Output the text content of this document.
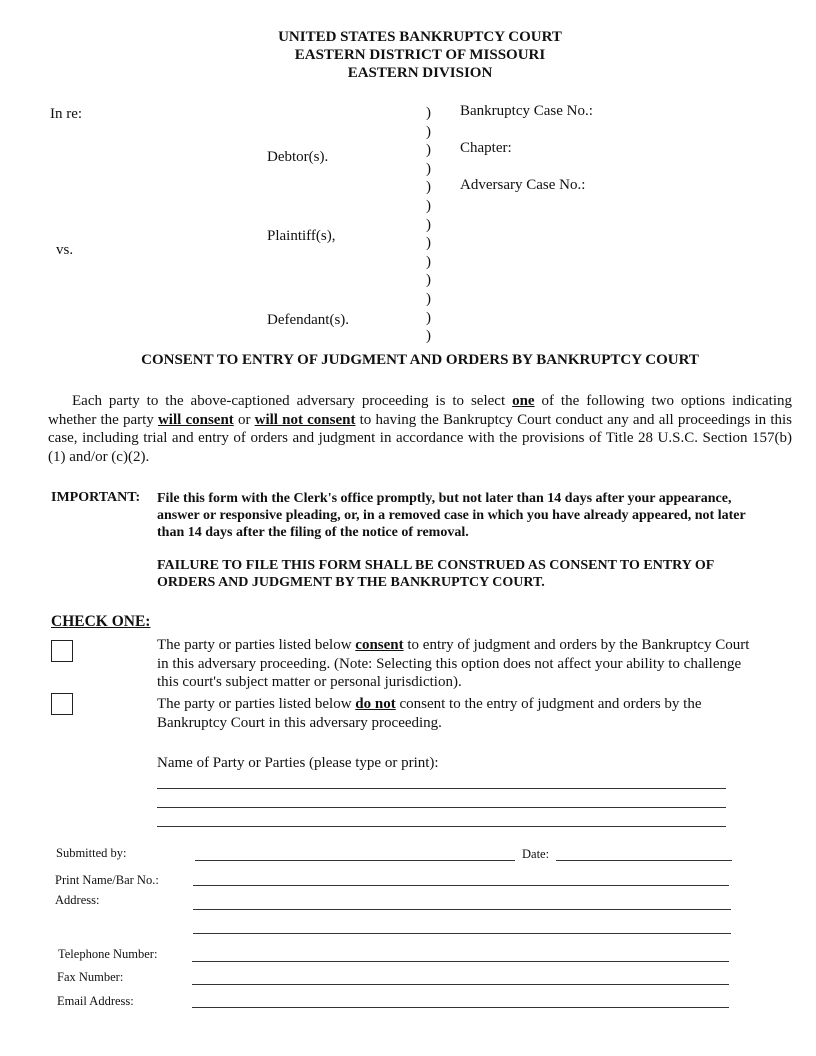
UNITED STATES BANKRUPTCY COURT
EASTERN DISTRICT OF MISSOURI
EASTERN DIVISION
In re:
Debtor(s).
Plaintiff(s),
vs.
Defendant(s).
)
)
)
)
)
)
)
)
)
)
)
)
)
Bankruptcy Case No.:
Chapter:
Adversary Case No.:
CONSENT TO ENTRY OF JUDGMENT AND ORDERS BY BANKRUPTCY COURT
Each party to the above-captioned adversary proceeding is to select one of the following two options indicating whether the party will consent or will not consent to having the Bankruptcy Court conduct any and all proceedings in this case, including trial and entry of orders and judgment in accordance with the provisions of Title 28 U.S.C. Section 157(b)(1) and/or (c)(2).
IMPORTANT: File this form with the Clerk's office promptly, but not later than 14 days after your appearance, answer or responsive pleading, or, in a removed case in which you have already appeared, not later than 14 days after the filing of the notice of removal.
FAILURE TO FILE THIS FORM SHALL BE CONSTRUED AS CONSENT TO ENTRY OF ORDERS AND JUDGMENT BY THE BANKRUPTCY COURT.
CHECK ONE:
The party or parties listed below consent to entry of judgment and orders by the Bankruptcy Court in this adversary proceeding. (Note: Selecting this option does not affect your ability to challenge this court's subject matter or personal jurisdiction).
The party or parties listed below do not consent to the entry of judgment and orders by the Bankruptcy Court in this adversary proceeding.
Name of Party or Parties (please type or print):
Submitted by:	Date:
Print Name/Bar No.:
Address:
Telephone Number:
Fax Number:
Email Address:
